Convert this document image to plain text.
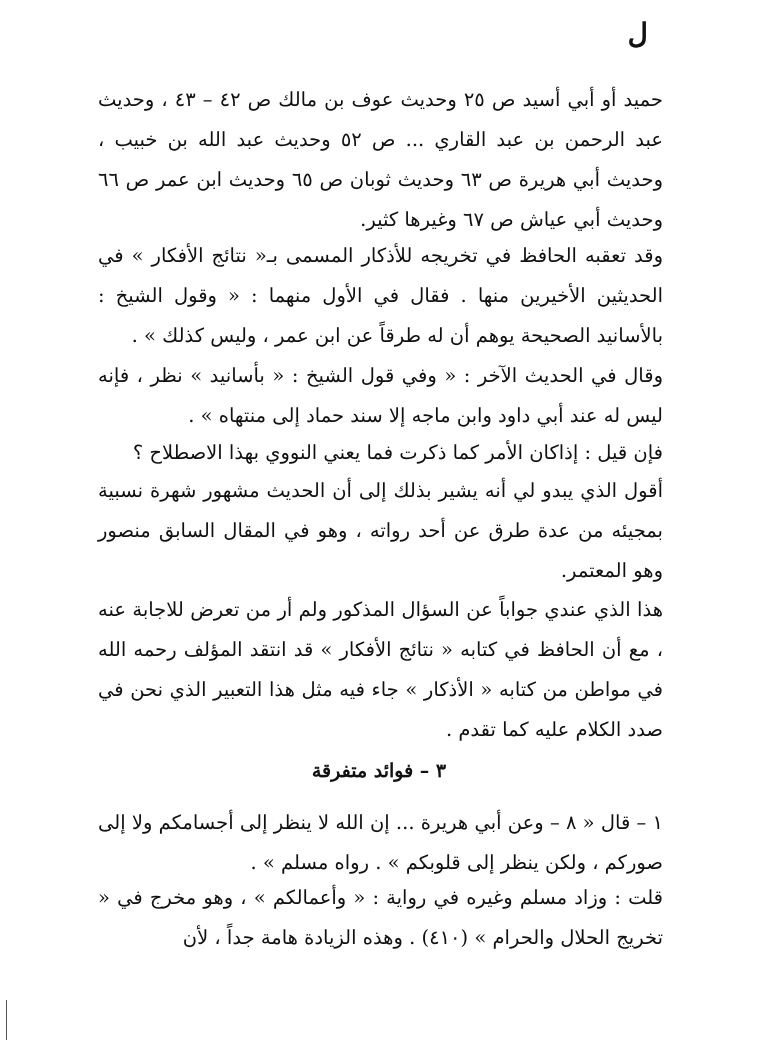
ل

حميد أو أبي أسيد ص ٢٥ وحديث عوف بن مالك ص ٤٢ – ٤٣ ، وحديث عبد الرحمن بن عبد القاري ... ص ٥٢ وحديث عبد الله بن خبيب ، وحديث أبي هريرة ص ٦٣ وحديث ثوبان ص ٦٥ وحديث ابن عمر ص ٦٦ وحديث أبي عياش ص ٦٧ وغيرها كثير.

وقد تعقبه الحافظ في تخريجه للأذكار المسمى بـ« نتائج الأفكار » في الحديثين الأخيرين منها . فقال في الأول منهما : « وقول الشيخ : بالأسانيد الصحيحة يوهم أن له طرقاً عن ابن عمر ، وليس كذلك » .

وقال في الحديث الآخر : « وفي قول الشيخ : « بأسانيد » نظر ، فإنه ليس له عند أبي داود وابن ماجه إلا سند حماد إلى منتهاه » .

فإن قيل : إذاكان الأمر كما ذكرت فما يعني النووي بهذا الاصطلاح ؟

أقول الذي يبدو لي أنه يشير بذلك إلى أن الحديث مشهور شهرة نسبية بمجيئه من عدة طرق عن أحد رواته ، وهو في المقال السابق منصور وهو المعتمر.

هذا الذي عندي جواباً عن السؤال المذكور ولم أر من تعرض للاجابة عنه ، مع أن الحافظ في كتابه « نتائج الأفكار » قد انتقد المؤلف رحمه الله في مواطن من كتابه « الأذكار » جاء فيه مثل هذا التعبير الذي نحن في صدد الكلام عليه كما تقدم .

٣ – فوائد متفرقة

١ – قال « ٨ – وعن أبي هريرة ... إن الله لا ينظر إلى أجسامكم ولا إلى صوركم ، ولكن ينظر إلى قلوبكم » . رواه مسلم » .

قلت : وزاد مسلم وغيره في رواية : « وأعمالكم » ، وهو مخرج في « تخريج الحلال والحرام » (٤١٠) . وهذه الزيادة هامة جداً ، لأن
